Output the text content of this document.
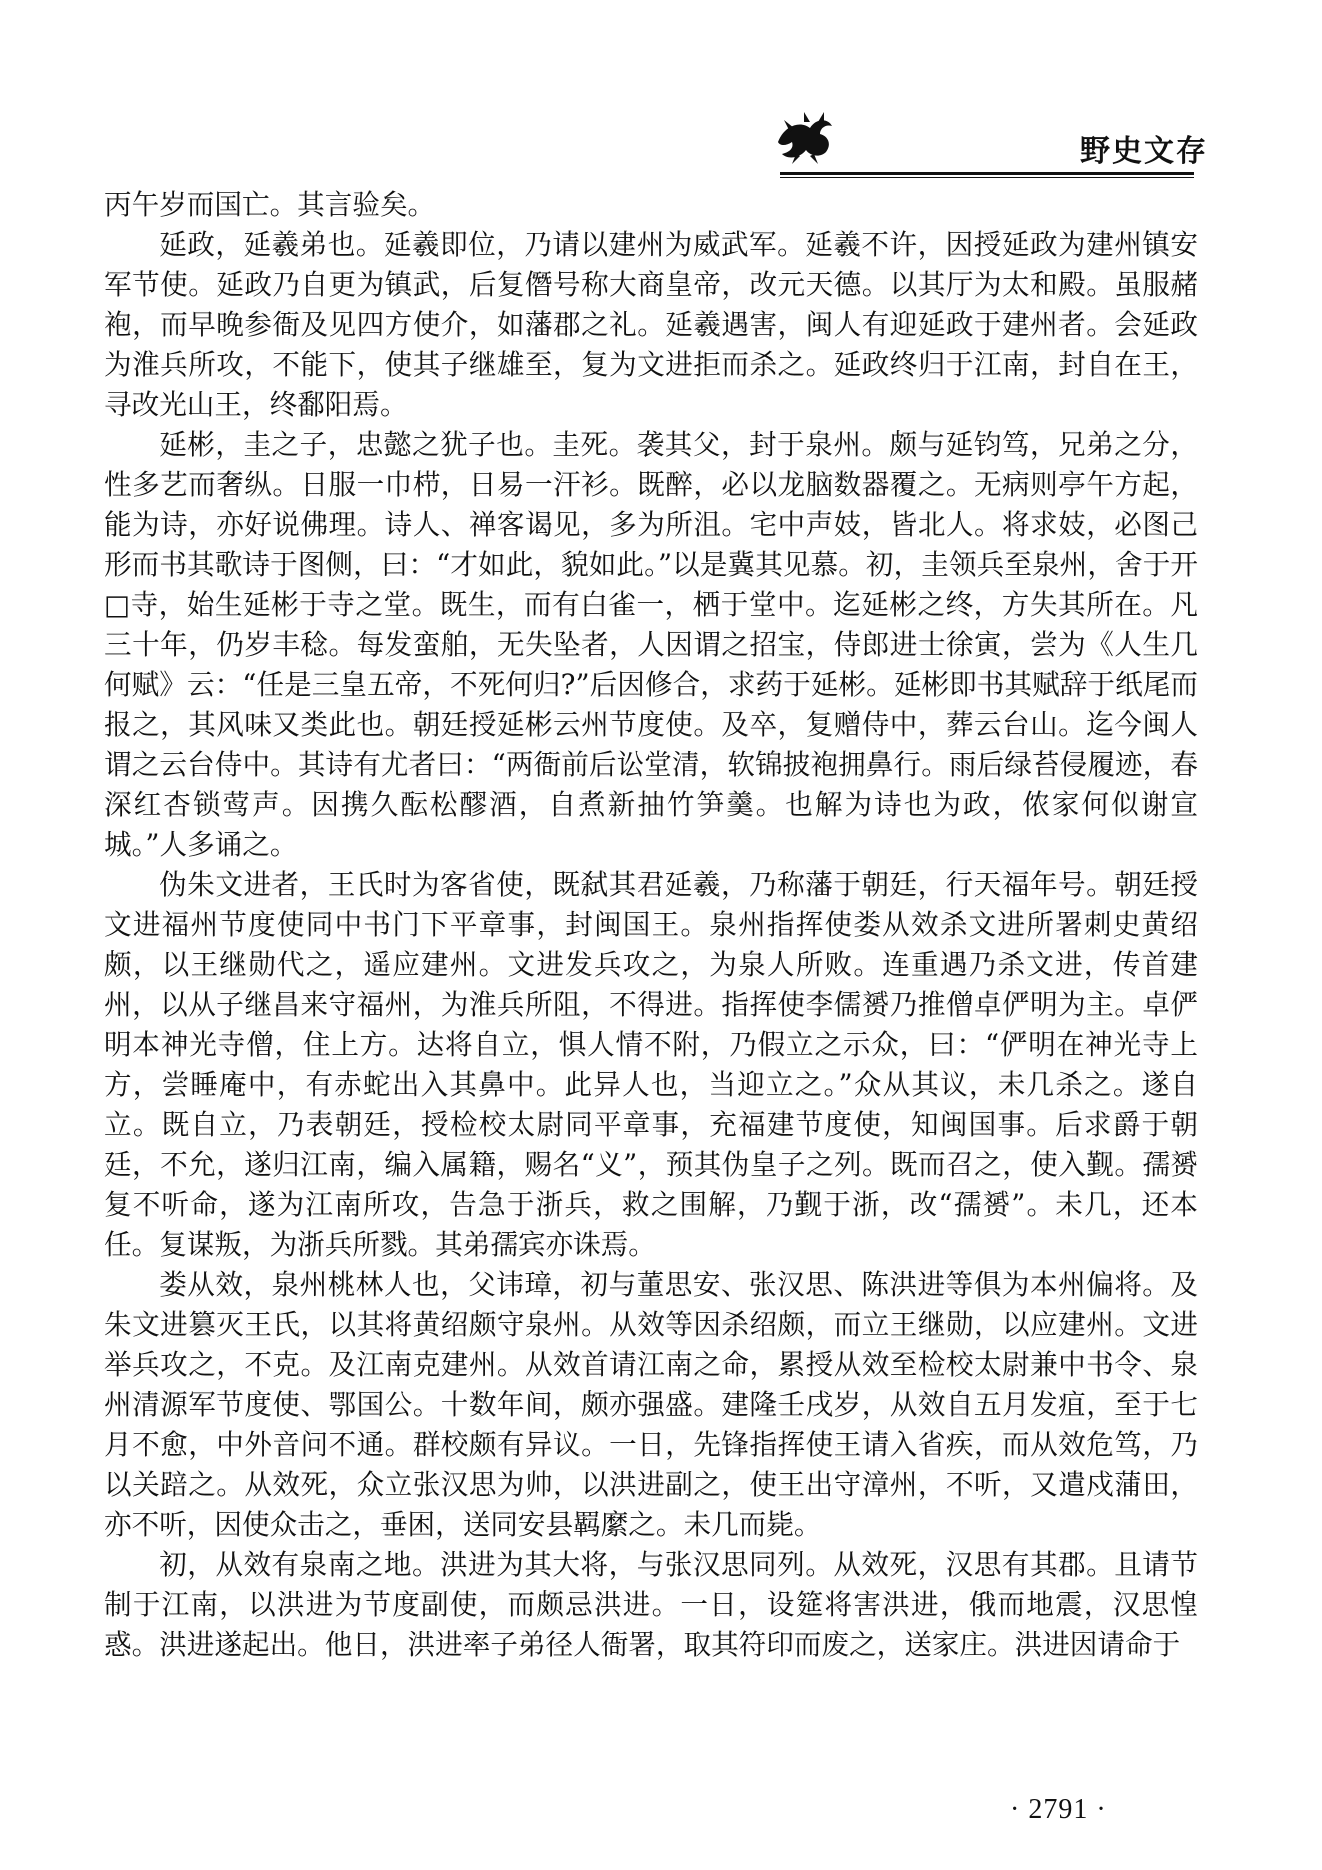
野史文存

丙午岁而国亡。其言验矣。

延政，延羲弟也。延羲即位，乃请以建州为威武军。延羲不许，因授延政为建州镇安军节使。延政乃自更为镇武，后复僭号称大商皇帝，改元天德。以其厅为太和殿。虽服赭袍，而早晚参衙及见四方使介，如藩郡之礼。延羲遇害，闽人有迎延政于建州者。会延政为淮兵所攻，不能下，使其子继雄至，复为文进拒而杀之。延政终归于江南，封自在王，寻改光山王，终鄱阳焉。

延彬，圭之子，忠懿之犹子也。圭死。袭其父，封于泉州。颇与延钧笃，兄弟之分，性多艺而奢纵。日服一巾栉，日易一汗衫。既醉，必以龙脑数器覆之。无病则亭午方起，能为诗，亦好说佛理。诗人、禅客谒见，多为所沮。宅中声妓，皆北人。将求妓，必图己形而书其歌诗于图侧，曰：“才如此，貌如此。”以是冀其见慕。初，圭领兵至泉州，舍于开□寺，始生延彬于寺之堂。既生，而有白雀一，栖于堂中。迄延彬之终，方失其所在。凡三十年，仍岁丰稔。每发蛮舶，无失坠者，人因谓之招宝，侍郎进士徐寅，尝为《人生几何赋》云：“任是三皇五帝，不死何归?”后因修合，求药于延彬。延彬即书其赋辞于纸尾而报之，其风味又类此也。朝廷授延彬云州节度使。及卒，复赠侍中，葬云台山。迄今闽人谓之云台侍中。其诗有尤者曰：“两衙前后讼堂清，软锦披袍拥鼻行。雨后绿苔侵履迹，春深红杏锁莺声。因携久酝松醪酒，自煮新抽竹笋羹。也解为诗也为政，侬家何似谢宣城。”人多诵之。

伪朱文进者，王氏时为客省使，既弑其君延羲，乃称藩于朝廷，行天福年号。朝廷授文进福州节度使同中书门下平章事，封闽国王。泉州指挥使娄从效杀文进所署刺史黄绍颇，以王继勋代之，遥应建州。文进发兵攻之，为泉人所败。连重遇乃杀文进，传首建州，以从子继昌来守福州，为淮兵所阻，不得进。指挥使李儒赟乃推僧卓俨明为主。卓俨明本神光寺僧，住上方。达将自立，惧人情不附，乃假立之示众，曰：“俨明在神光寺上方，尝睡庵中，有赤蛇出入其鼻中。此异人也，当迎立之。”众从其议，未几杀之。遂自立。既自立，乃表朝廷，授检校太尉同平章事，充福建节度使，知闽国事。后求爵于朝廷，不允，遂归江南，编入属籍，赐名“义”，预其伪皇子之列。既而召之，使入觐。孺赟复不听命，遂为江南所攻，告急于浙兵，救之围解，乃觐于浙，改“孺赟”。未几，还本任。复谋叛，为浙兵所戮。其弟孺宾亦诛焉。

娄从效，泉州桃林人也，父讳璋，初与董思安、张汉思、陈洪进等俱为本州偏将。及朱文进篡灭王氏，以其将黄绍颇守泉州。从效等因杀绍颇，而立王继勋，以应建州。文进举兵攻之，不克。及江南克建州。从效首请江南之命，累授从效至检校太尉兼中书令、泉州清源军节度使、鄂国公。十数年间，颇亦强盛。建隆壬戌岁，从效自五月发疽，至于七月不愈，中外音问不通。群校颇有异议。一日，先锋指挥使王请入省疾，而从效危笃，乃以关踣之。从效死，众立张汉思为帅，以洪进副之，使王出守漳州，不听，又遣戍蒲田，亦不听，因使众击之，垂困，送同安县羁縻之。未几而毙。

初，从效有泉南之地。洪进为其大将，与张汉思同列。从效死，汉思有其郡。且请节制于江南，以洪进为节度副使，而颇忌洪进。一日，设筵将害洪进，俄而地震，汉思惶惑。洪进遂起出。他日，洪进率子弟径人衙署，取其符印而废之，送家庄。洪进因请命于

· 2791 ·
